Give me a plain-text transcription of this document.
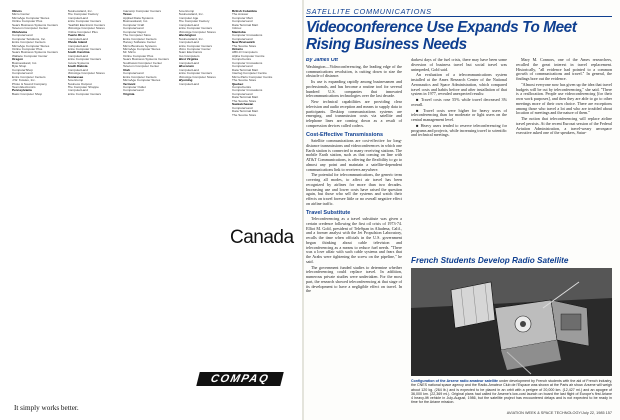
Illinois
Micro Center
MicroAge Computer Stores
Online Computer Plus
Sears Business Systems Centers
Telecom Computer Center
Oklahoma
ComputerLand
Computer Solutions, Inc.
Entre Computer Centers
MicroAge Computer Stores
Online Computer Plus
Sears Business Systems Centers
Wallace Computer Center
Oregon
Businessland, Inc.
Byte Shop
ComputerShop
ComputerLand
Entre Computer Centers
J.W. Kowles, Inc.
Photo & Sound Company
Team Electronics
Pennsylvania
Basic Computer Shop
Businessland, Inc.
The Computer Factory
ComputerLand
Entre Computer Centers
Heathkit Electronic Centers
MicroAge Computer Stores
Online Computer Plus
Puerto Rico
ComputerLand
Rhode Island
ComputerLand
Entre Computer Centers
South Carolina
ComputerLand
Entre Computer Centers
Future Systems
South Dakota
ComputerLand
MicroAge Computer Stores
Tennessee
Americomp
Business Outpost
The Computer Shoppe
ComputerLand
Entre Computer Centers
Inacomp Computer Centers
Texas
Applied Data Systems
Businessland, Inc.
Computer Craft
ComputerLand
Computer Depot
The Computer Store
Entre Computer Centers
Harvey Software Center
Micro Business Systems
MicroAge Computer Stores
Mr. Micro
Online Computer Plus
Sears Business Systems Centers
Southwest Computer Center
Telecom Computer Center
Utah
ComputerLand
Entre Computer Centers
MicroAge Computer Stores
Vermont
Computer Outlet
ComputerLand
Virginia
Americomp
Businessland, Inc.
Computer Age
The Computer Factory
ComputerLand
Entre Computer Centers
MicroAge Computer Stores
Washington
Businessland, Inc.
ComputerLand
Entre Computer Centers
Micro Computer Center
Team Electronics
Yes Computers
West Virginia
ComputerLand
Wisconsin
ComputerLand
Entre Computer Centers
MicroAge Computer Stores
Wyoming
ComputerLand
British Columbia
The Answer
Computer Mart
ComputerLand
Data Terminal Mart
Inforex
Manitoba
Computer Innovations
ComputerLand
New Brunswick
The Source Store
Ontario
ABC-D Computers
Alpha Computer Centre
CompuCentre
Computer Innovations
ComputerLand
Data Terminal Mart
Interlog Computer Centre
Micro-Parts Computer Centre
The Source Store
Quebec
CompuCentre
Computer Innovations
ComputerLand
Data Terminal Mart
The Source Store
Saskatchewan
ComputerLand
Data Terminal Mart
The Source Store
Canada
COMPAQ
It simply works better.
SATELLITE COMMUNICATIONS
Videoconference Use Expands To Meet Rising Business Needs
By James Ott

Washington—Videoconferencing, the leading edge of the communications revolution, is cutting down to size the obstacle of distance.

Its use is expanding rapidly among businessmen and professionals, and has become a routine tool for several hundred U.S. companies that innovated telecommunications technologies over the last decade.

New technical capabilities are providing clear television and audio reception and means to supply data to participants. Desktop communications systems are emerging, and transmission costs via satellite and telephone lines are coming down as a result of compression devices called codecs.

Cost-Effective Transmissions

Satellite communications are cost-effective for long-distance transmissions and videoconferences in which one Earth station is connected to many receiving stations. The mobile Earth station, such as that coming on line with AT&T Communications, is offering the flexibility to go to almost any point and maintain a satellite-dependent communications link to receivers anywhere.

The potential for telecommunications, the generic term covering all modes, to affect air travel has been recognized by airlines for more than two decades. Increasing use and lower costs have raised the question again, but those who sell the systems and watch their effects on travel foresee little or no overall negative effect on airline traffic.

Travel Substitute

Teleconferencing as a travel substitute was given a certain credence following the first oil crisis of 1973-74. Elliot M. Gold, president of TeleSpan in Altadena, Calif., and a former analyst with the Jet Propulsion Laboratory, recalls the time when officials in the U.S. government began thinking about cable television and teleconferencing as a means to reduce fuel needs. "There was a love affair with such cable systems and fears that the Arabs were tightening the screw on the pipeline," he said.

The government funded studies to determine whether teleconferencing could replace travel. In addition, numerous private studies were undertaken. For the most part, the research showed teleconferencing at that stage of its development to have a negligible effect on travel. In the

darkest days of the fuel crisis, there may have been some diversion of business travel but social travel was unimpeded, Gold said.

An evaluation of a telecommunications system installed at the Ames Research Center of the National Aeronautics and Space Administration, which compared travel costs and habits before and after installation of that system in 1977, revealed unexpected results:

■ Travel costs rose 55% while travel decreased 3% overall.

■ Travel costs were higher for heavy users of teleconferencing than for moderate or light users on the central management level.

■ Heavy users tended to reserve teleconferencing for programs and projects, while increasing travel to scientific and technical meetings.

Mary M. Connors, one of the Ames researchers, recalled the great interest in travel replacement. Historically, "all evidence had pointed to a common growth of communications and travel." In general, the findings bore out the evidence.

"Almost everyone now has given up the idea that travel budgets will be cut by teleconferencing," she said. "There is a reallocation. People use videoconferencing [for their own work purposes], and then they are able to go to other meetings more of their own choice. There are exceptions among those who travel a lot and who are troubled about location of meetings and the nature of them."

The notion that teleconferencing will replace airline travel persists. At the recent Eurosat session of the Federal Aviation Administration, a travel-weary aerospace executive asked one of the speakers, Satur-

French Students Develop Radio Satellite
Configuration of the Arsene radio amateur satellite under development by French students with the aid of French industry, the CNES national space agency and the Radio-Amateur Club de l'Espace was shown at the Paris air show. Arsene will weigh about 120 kg. (264 lb.) and is expected to be placed in an orbit with a perigee of 20,000 km. (12,427 mi.) and an apogee of 36,000 km. (22,369 mi.). Original plans had called for Arsene's low-cost launch on board the last flight of Europe's first Ariane 4 heavy-lift vehicle in July-August, 1986, but the satellite project has encountered delays and is not expected to be ready in time for the Ariane mission.
AVIATION WEEK & SPACE TECHNOLOGY/July 22, 1985 157
